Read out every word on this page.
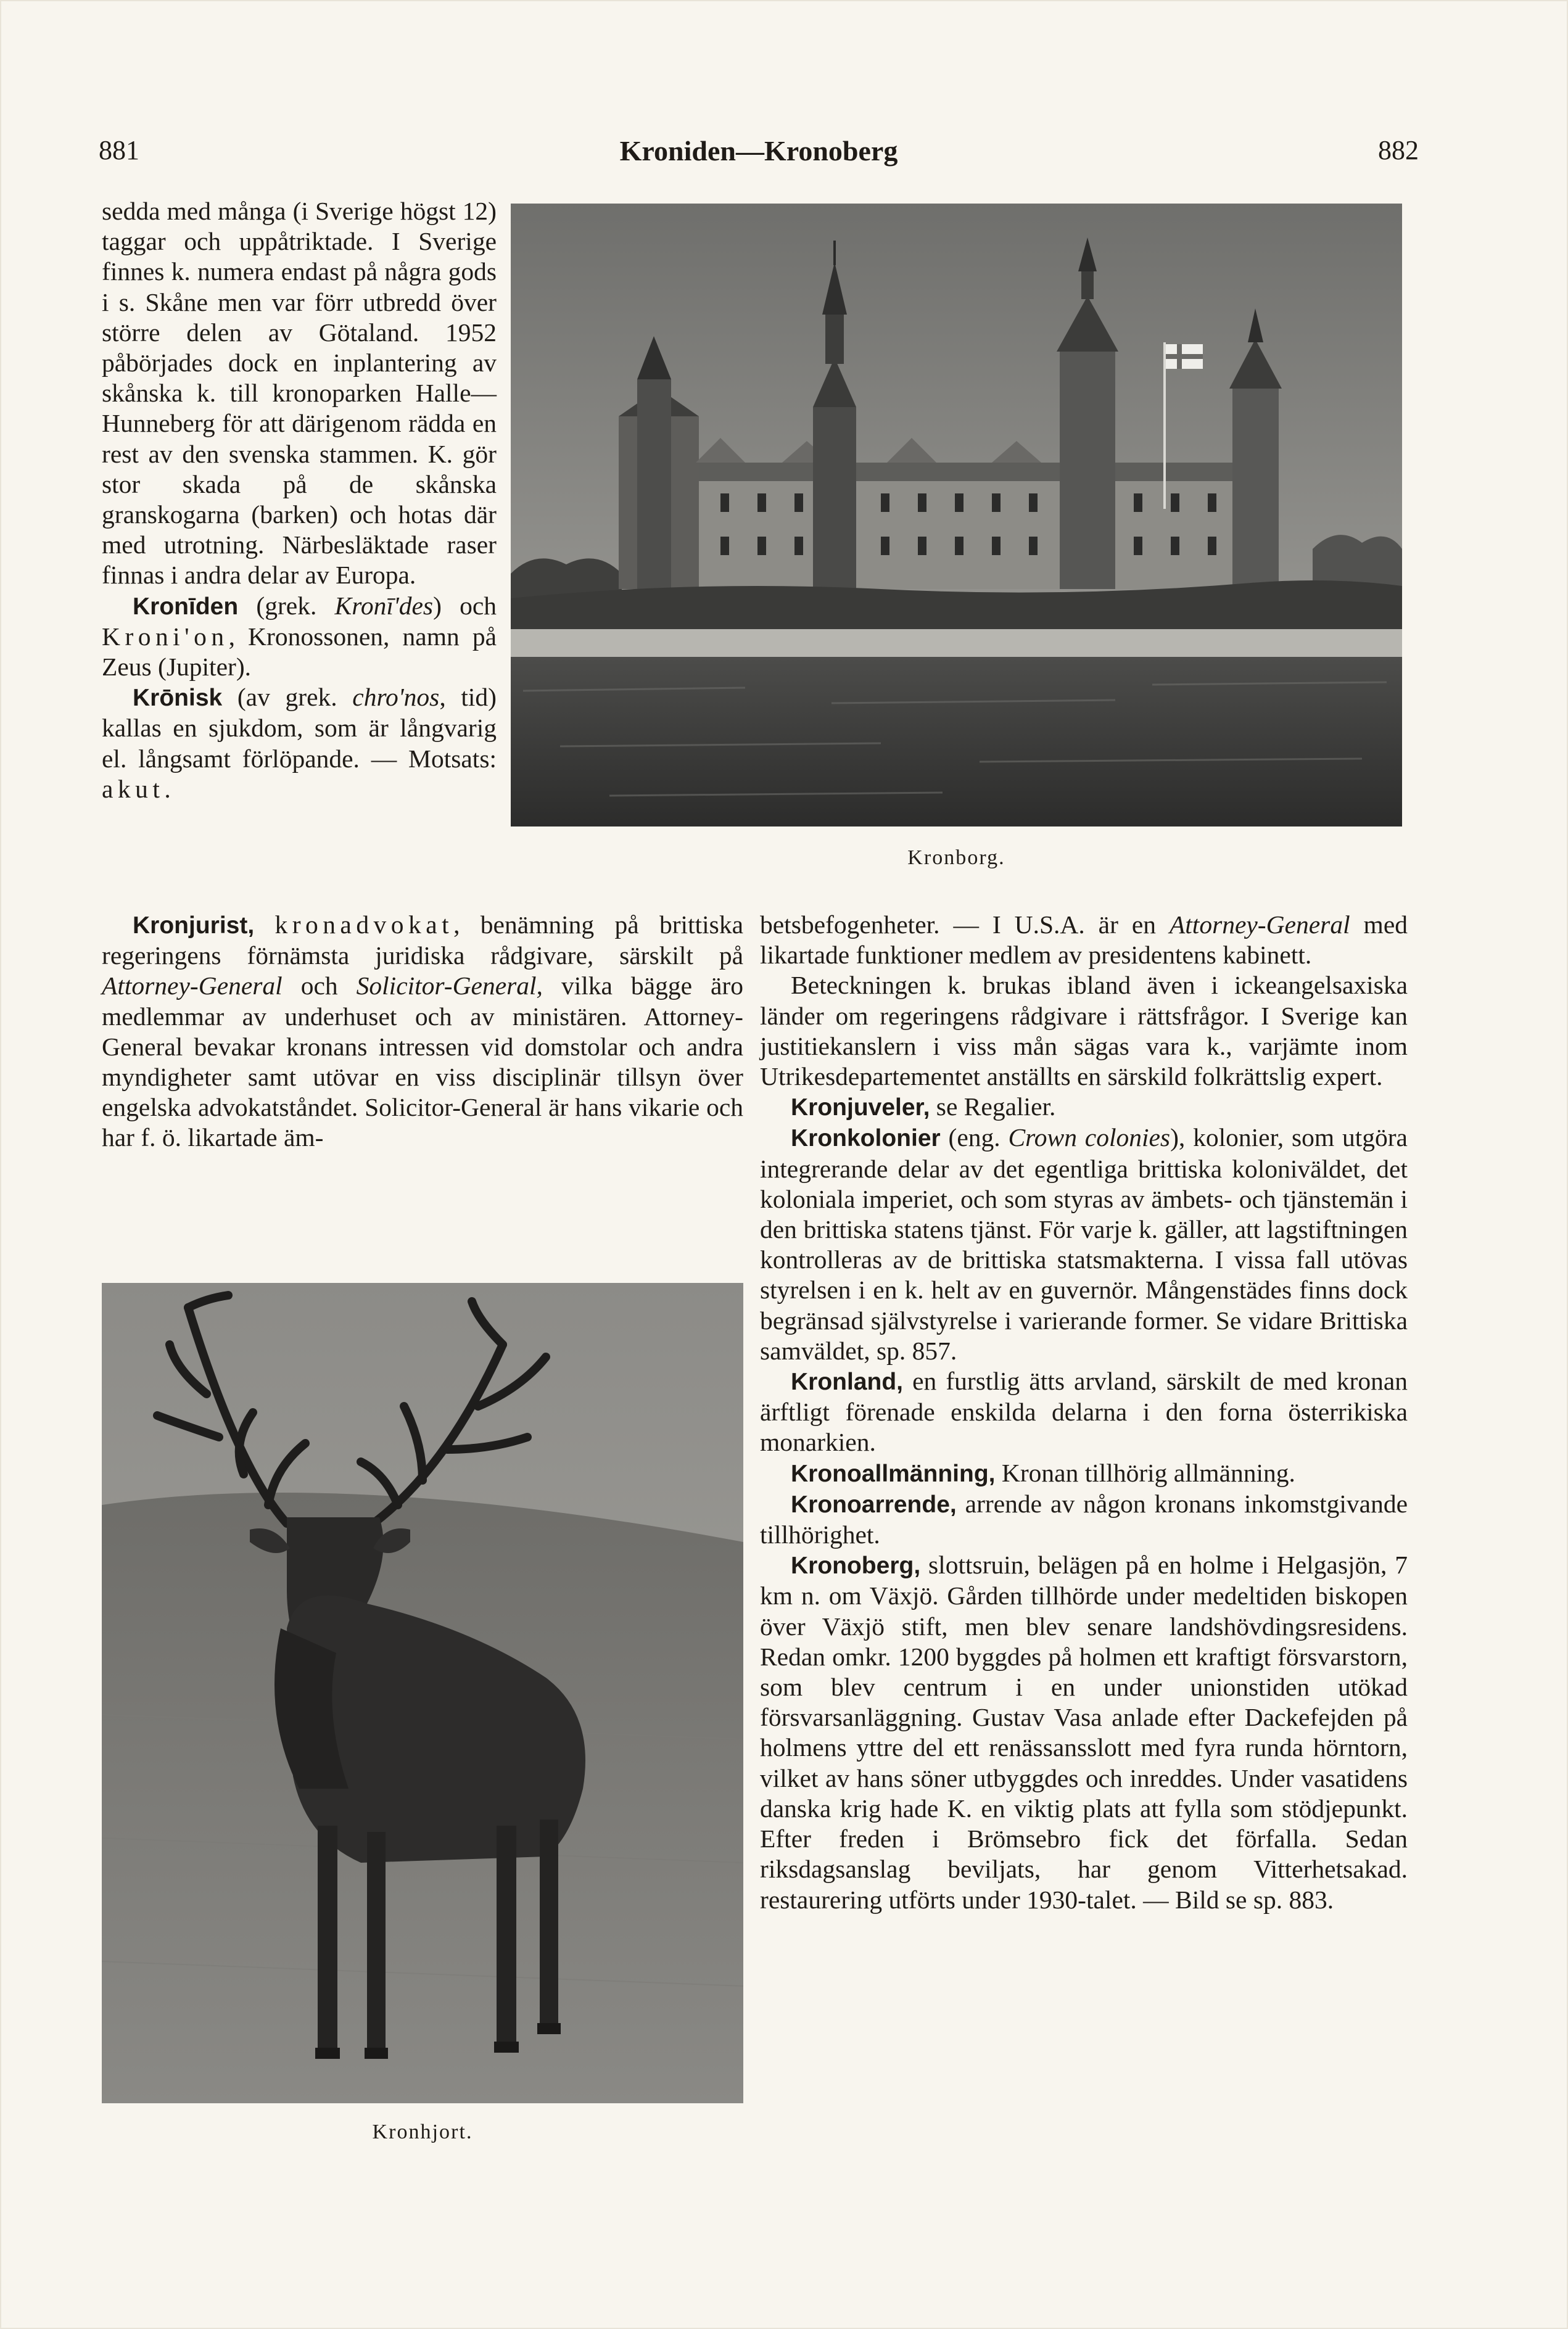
881	Kroniden—Kronoberg	882

sedda med många (i Sverige högst 12) taggar och uppåtriktade. I Sverige finnes k. numera endast på några gods i s. Skåne men var förr utbredd över större delen av Götaland. 1952 påbörjades dock en inplantering av skånska k. till kronoparken Halle—Hunneberg för att därigenom rädda en rest av den svenska stammen. K. gör stor skada på de skånska granskogarna (barken) och hotas där med utrotning. Närbesläktade raser finnas i andra delar av Europa.

Kronīden (grek. Kronī'des) och Kroni'on, Kronossonen, namn på Zeus (Jupiter).

Krōnisk (av grek. chro'nos, tid) kallas en sjukdom, som är långvarig el. långsamt förlöpande. — Motsats: akut.

Kronjurist, kronadvokat, benämning på brittiska regeringens förnämsta juridiska rådgivare, särskilt på Attorney-General och Solicitor-General, vilka bägge äro medlemmar av underhuset och av ministären. Attorney-General bevakar kronans intressen vid domstolar och andra myndigheter samt utövar en viss disciplinär tillsyn över engelska advokatståndet. Solicitor-General är hans vikarie och har f. ö. likartade äm-

betsbefogenheter. — I U.S.A. är en Attorney-General med likartade funktioner medlem av presidentens kabinett.

Beteckningen k. brukas ibland även i ickeangelsaxiska länder om regeringens rådgivare i rättsfrågor. I Sverige kan justitiekanslern i viss mån sägas vara k., varjämte inom Utrikesdepartementet anställts en särskild folkrättslig expert.

Kronjuveler, se Regalier.

Kronkolonier (eng. Crown colonies), kolonier, som utgöra integrerande delar av det egentliga brittiska koloniväldet, det koloniala imperiet, och som styras av ämbets- och tjänstemän i den brittiska statens tjänst. För varje k. gäller, att lagstiftningen kontrolleras av de brittiska statsmakterna. I vissa fall utövas styrelsen i en k. helt av en guvernör. Mångenstädes finns dock begränsad självstyrelse i varierande former. Se vidare Brittiska samväldet, sp. 857.

Kronland, en furstlig ätts arvland, särskilt de med kronan ärftligt förenade enskilda delarna i den forna österrikiska monarkien.

Kronoallmänning, Kronan tillhörig allmänning.

Kronoarrende, arrende av någon kronans inkomstgivande tillhörighet.

Kronoberg, slottsruin, belägen på en holme i Helgasjön, 7 km n. om Växjö. Gården tillhörde under medeltiden biskopen över Växjö stift, men blev senare landshövdingsresidens. Redan omkr. 1200 byggdes på holmen ett kraftigt försvarstorn, som blev centrum i en under unionstiden utökad försvarsanläggning. Gustav Vasa anlade efter Dackefejden på holmens yttre del ett renässansslott med fyra runda hörntorn, vilket av hans söner utbyggdes och inreddes. Under vasatidens danska krig hade K. en viktig plats att fylla som stödjepunkt. Efter freden i Brömsebro fick det förfalla. Sedan riksdagsanslag beviljats, har genom Vitterhetsakad. restaurering utförts under 1930-talet. — Bild se sp. 883.

Kronborg.
Kronhjort.
